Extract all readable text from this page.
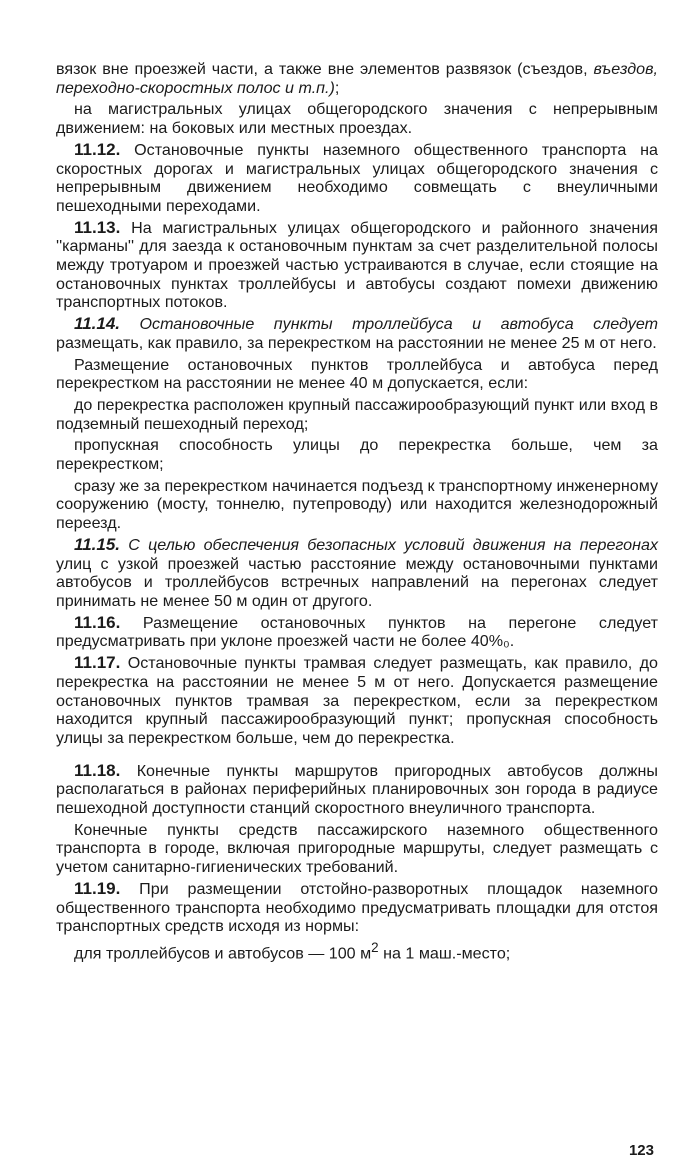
вязок вне проезжей части, а также вне элементов развязок (съездов, въездов, переходно-скоростных полос и т.п.);

на магистральных улицах общегородского значения с непрерывным движением: на боковых или местных проездах.

11.12. Остановочные пункты наземного общественного транспорта на скоростных дорогах и магистральных улицах общегородского значения с непрерывным движением необходимо совмещать с внеуличными пешеходными переходами.

11.13. На магистральных улицах общегородского и районного значения ''карманы'' для заезда к остановочным пунктам за счет разделительной полосы между тротуаром и проезжей частью устраиваются в случае, если стоящие на остановочных пунктах троллейбусы и автобусы создают помехи движению транспортных потоков.

11.14. Остановочные пункты троллейбуса и автобуса следует размещать, как правило, за перекрестком на расстоянии не менее 25 м от него.

Размещение остановочных пунктов троллейбуса и автобуса перед перекрестком на расстоянии не менее 40 м допускается, если:

до перекрестка расположен крупный пассажирообразующий пункт или вход в подземный пешеходный переход;

пропускная способность улицы до перекрестка больше, чем за перекрестком;

сразу же за перекрестком начинается подъезд к транспортному инженерному сооружению (мосту, тоннелю, путепроводу) или находится железнодорожный переезд.

11.15. С целью обеспечения безопасных условий движения на перегонах улиц с узкой проезжей частью расстояние между остановочными пунктами автобусов и троллейбусов встречных направлений на перегонах следует принимать не менее 50 м один от другого.

11.16. Размещение остановочных пунктов на перегоне следует предусматривать при уклоне проезжей части не более 40%₀.

11.17. Остановочные пункты трамвая следует размещать, как правило, до перекрестка на расстоянии не менее 5 м от него. Допускается размещение остановочных пунктов трамвая за перекрестком, если за перекрестком находится крупный пассажирообразующий пункт; пропускная способность улицы за перекрестком больше, чем до перекрестка.

11.18. Конечные пункты маршрутов пригородных автобусов должны располагаться в районах периферийных планировочных зон города в радиусе пешеходной доступности станций скоростного внеуличного транспорта.

Конечные пункты средств пассажирского наземного общественного транспорта в городе, включая пригородные маршруты, следует размещать с учетом санитарно-гигиенических требований.

11.19. При размещении отстойно-разворотных площадок наземного общественного транспорта необходимо предусматривать площадки для отстоя транспортных средств исходя из нормы:

для троллейбусов и автобусов — 100 $м^2$ на 1 маш.-место;

123
